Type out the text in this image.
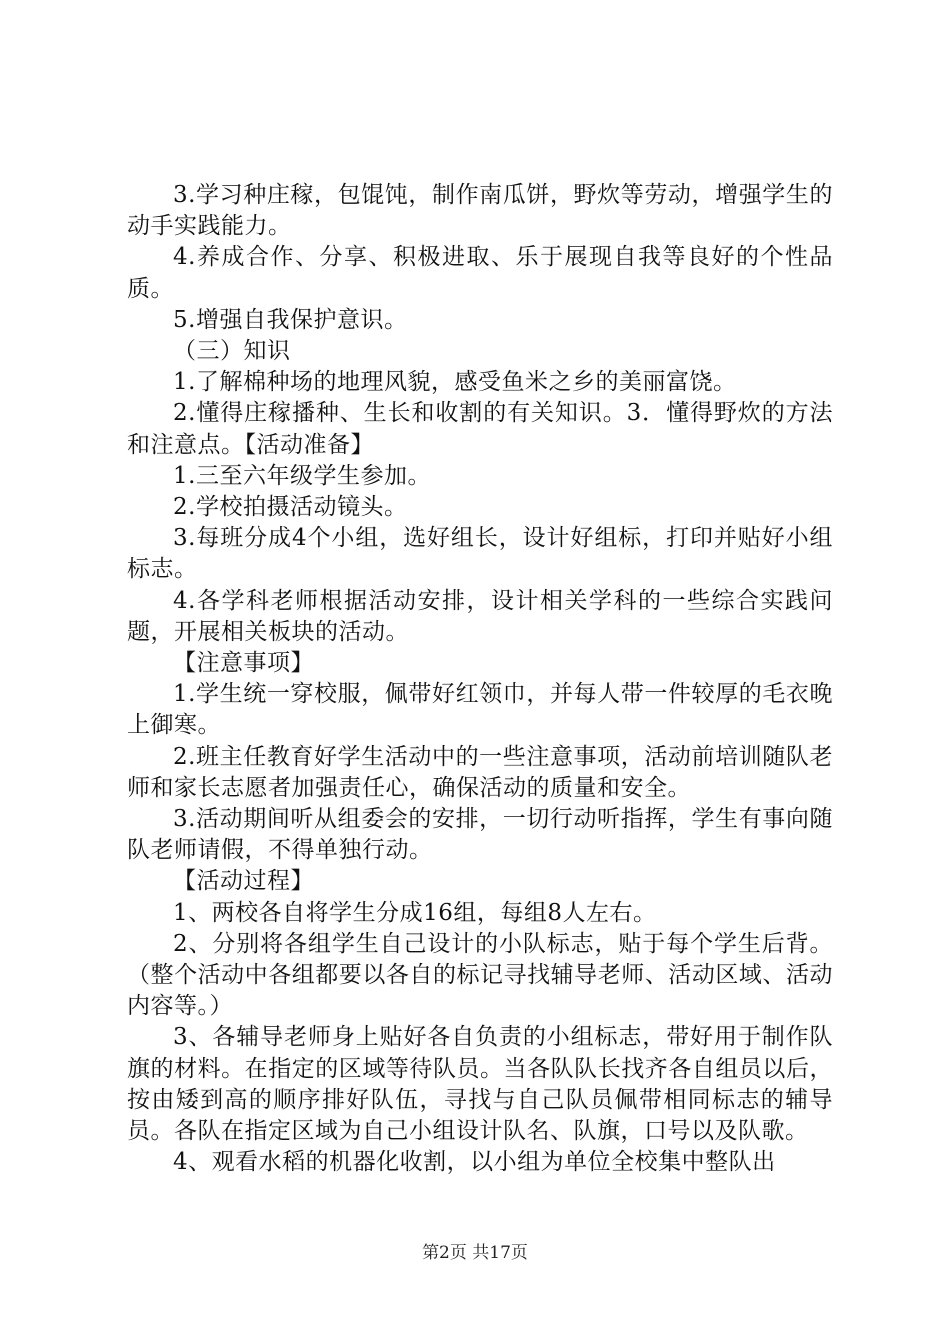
3.学习种庄稼，包馄饨，制作南瓜饼，野炊等劳动，增强学生的动手实践能力。

4.养成合作、分享、积极进取、乐于展现自我等良好的个性品质。

5.增强自我保护意识。

（三）知识

1.了解棉种场的地理风貌，感受鱼米之乡的美丽富饶。

2.懂得庄稼播种、生长和收割的有关知识。3．懂得野炊的方法和注意点。【活动准备】

1.三至六年级学生参加。

2.学校拍摄活动镜头。

3.每班分成4个小组，选好组长，设计好组标，打印并贴好小组标志。

4.各学科老师根据活动安排，设计相关学科的一些综合实践问题，开展相关板块的活动。

【注意事项】

1.学生统一穿校服，佩带好红领巾，并每人带一件较厚的毛衣晚上御寒。

2.班主任教育好学生活动中的一些注意事项，活动前培训随队老师和家长志愿者加强责任心，确保活动的质量和安全。

3.活动期间听从组委会的安排，一切行动听指挥，学生有事向随队老师请假，不得单独行动。

【活动过程】

1、两校各自将学生分成16组，每组8人左右。

2、分别将各组学生自己设计的小队标志，贴于每个学生后背。（整个活动中各组都要以各自的标记寻找辅导老师、活动区域、活动内容等。）

3、各辅导老师身上贴好各自负责的小组标志，带好用于制作队旗的材料。在指定的区域等待队员。当各队队长找齐各自组员以后，按由矮到高的顺序排好队伍，寻找与自己队员佩带相同标志的辅导员。各队在指定区域为自己小组设计队名、队旗，口号以及队歌。

4、观看水稻的机器化收割，以小组为单位全校集中整队出

第2页 共17页
